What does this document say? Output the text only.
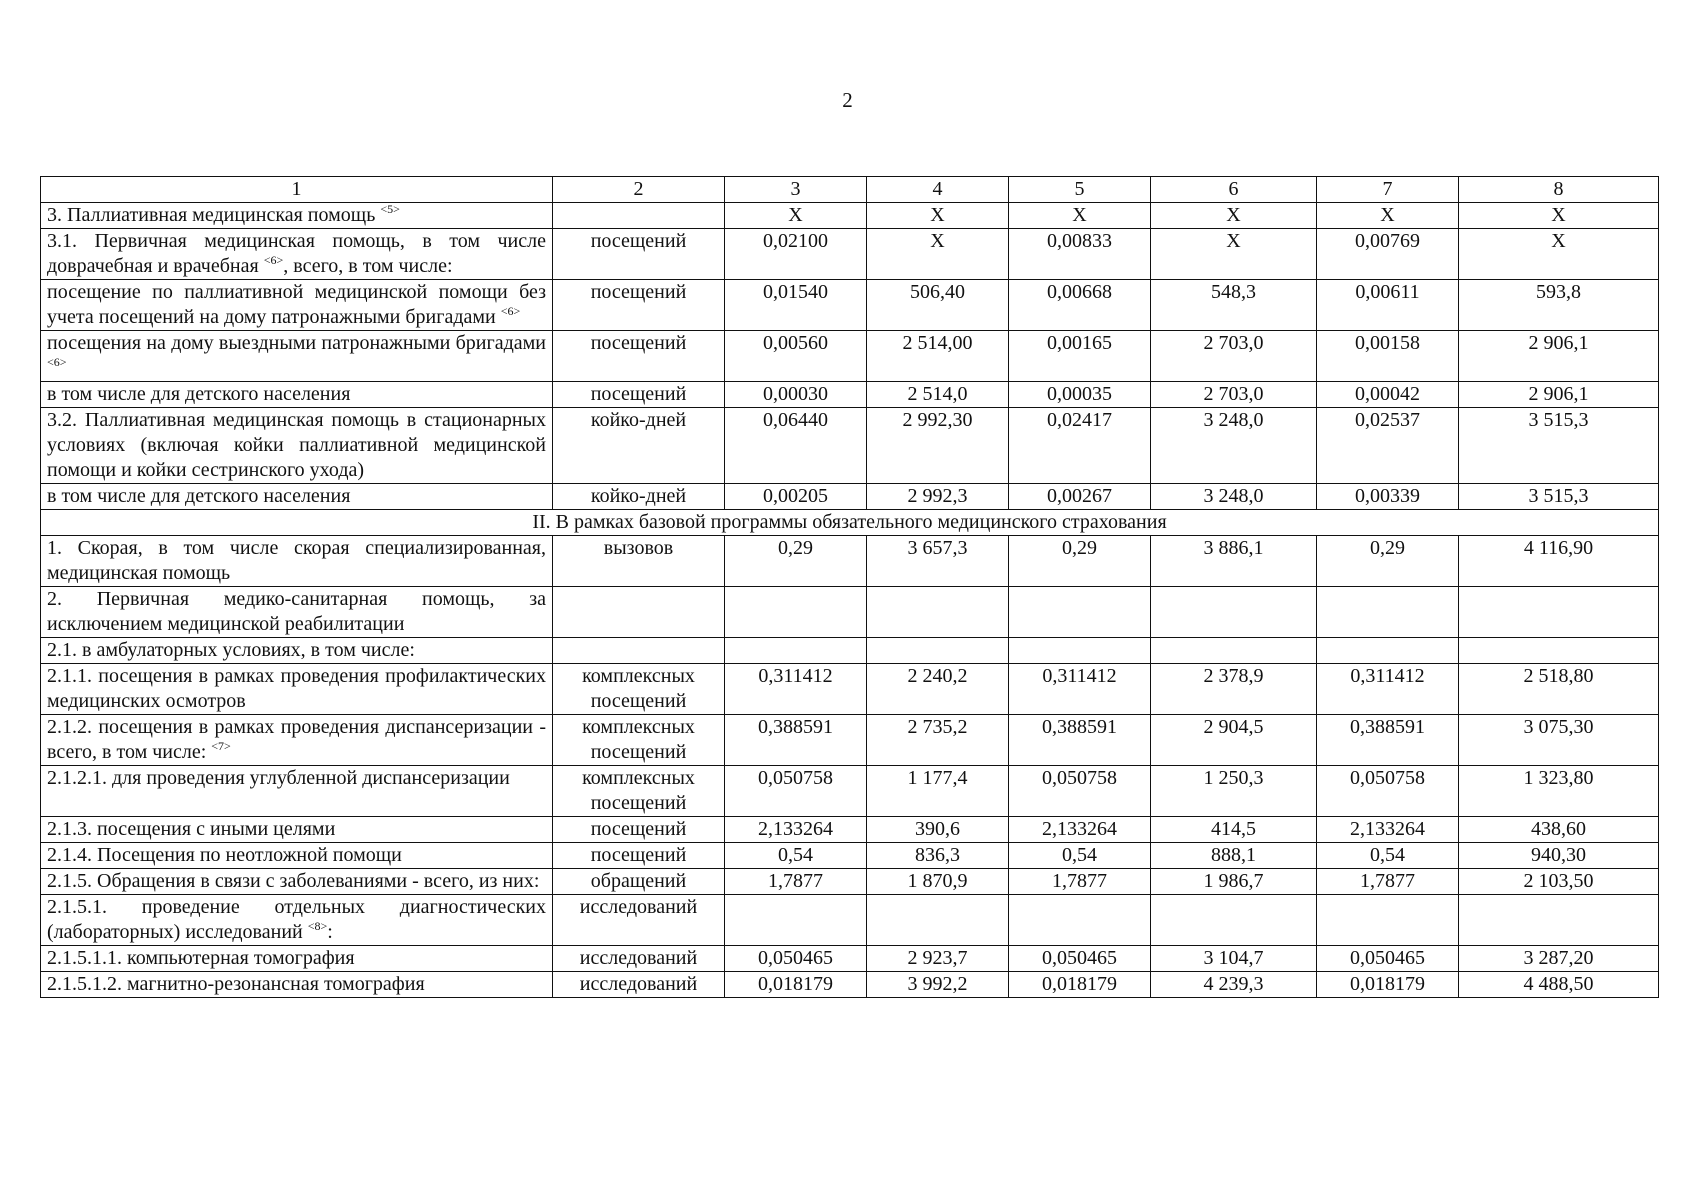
2
1	2	3	4	5	6	7	8
3. Паллиативная медицинская помощь $^{<5>}$		X	X	X	X	X	X
3.1. Первичная медицинская помощь, в том числе доврачебная и врачебная $^{<6>}$, всего, в том числе:	посещений	0,02100	X	0,00833	X	0,00769	X
посещение по паллиативной медицинской помощи без учета посещений на дому патронажными бригадами $^{<6>}$	посещений	0,01540	506,40	0,00668	548,3	0,00611	593,8
посещения на дому выездными патронажными бригадами $^{<6>}$	посещений	0,00560	2 514,00	0,00165	2 703,0	0,00158	2 906,1
в том числе для детского населения	посещений	0,00030	2 514,0	0,00035	2 703,0	0,00042	2 906,1
3.2. Паллиативная медицинская помощь в стационарных условиях (включая койки паллиативной медицинской помощи и койки сестринского ухода)	койко-дней	0,06440	2 992,30	0,02417	3 248,0	0,02537	3 515,3
в том числе для детского населения	койко-дней	0,00205	2 992,3	0,00267	3 248,0	0,00339	3 515,3
II. В рамках базовой программы обязательного медицинского страхования							
1. Скорая, в том числе скорая специализированная, медицинская помощь	вызовов	0,29	3 657,3	0,29	3 886,1	0,29	4 116,90
2. Первичная медико-санитарная помощь, за исключением медицинской реабилитации							
2.1. в амбулаторных условиях, в том числе:							
2.1.1. посещения в рамках проведения профилактических медицинских осмотров	комплексных посещений	0,311412	2 240,2	0,311412	2 378,9	0,311412	2 518,80
2.1.2. посещения в рамках проведения диспансеризации - всего, в том числе: $^{<7>}$	комплексных посещений	0,388591	2 735,2	0,388591	2 904,5	0,388591	3 075,30
2.1.2.1. для проведения углубленной диспансеризации	комплексных посещений	0,050758	1 177,4	0,050758	1 250,3	0,050758	1 323,80
2.1.3. посещения с иными целями	посещений	2,133264	390,6	2,133264	414,5	2,133264	438,60
2.1.4. Посещения по неотложной помощи	посещений	0,54	836,3	0,54	888,1	0,54	940,30
2.1.5. Обращения в связи с заболеваниями - всего, из них:	обращений	1,7877	1 870,9	1,7877	1 986,7	1,7877	2 103,50
2.1.5.1. проведение отдельных диагностических (лабораторных) исследований $^{<8>}$:	исследований						
2.1.5.1.1. компьютерная томография	исследований	0,050465	2 923,7	0,050465	3 104,7	0,050465	3 287,20
2.1.5.1.2. магнитно-резонансная томография	исследований	0,018179	3 992,2	0,018179	4 239,3	0,018179	4 488,50
